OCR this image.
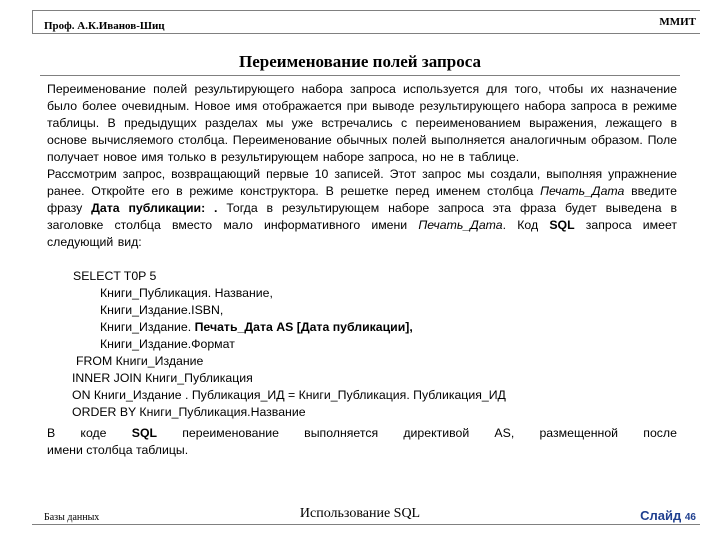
Проф. А.К.Иванов-Шиц	ММИТ
Переименование полей запроса

Переименование полей результирующего набора запроса используется для того, чтобы их назначение было более очевидным. Новое имя отображается при выводе результирующего набора запроса в режиме таблицы. В предыдущих разделах мы уже встречались с переименованием выражения, лежащего в основе вычисляемого столбца. Переименование обычных полей выполняется аналогичным образом. Поле получает новое имя только в результирующем наборе запроса, но не в таблице.

Рассмотрим запрос, возвращающий первые 10 записей. Этот запрос мы создали, выполняя упражнение ранее. Откройте его в режиме конструктора. В решетке перед именем столбца Печать_Дата введите фразу Дата публикации: . Тогда в результирующем наборе запроса эта фраза будет выведена в заголовке столбца вместо мало информативного имени Печать_Дата. Код SQL запроса имеет следующий вид:

SELECT T0P 5
Книги_Публикация. Название,
Книги_Издание.ISBN,
Книги_Издание. Печать_Дата AS [Дата публикации],
Книги_Издание.Формат
FROM Книги_Издание
INNER JOIN Книги_Публикация
ON Книги_Издание . Публикация_ИД = Книги_Публикация. Публикация_ИД
ORDER BY Книги_Публикация.Название
В коде SQL переименование выполняется директивой AS, размещенной после
имени столбца таблицы.
Базы данных	Использование SQL	Слайд 46
